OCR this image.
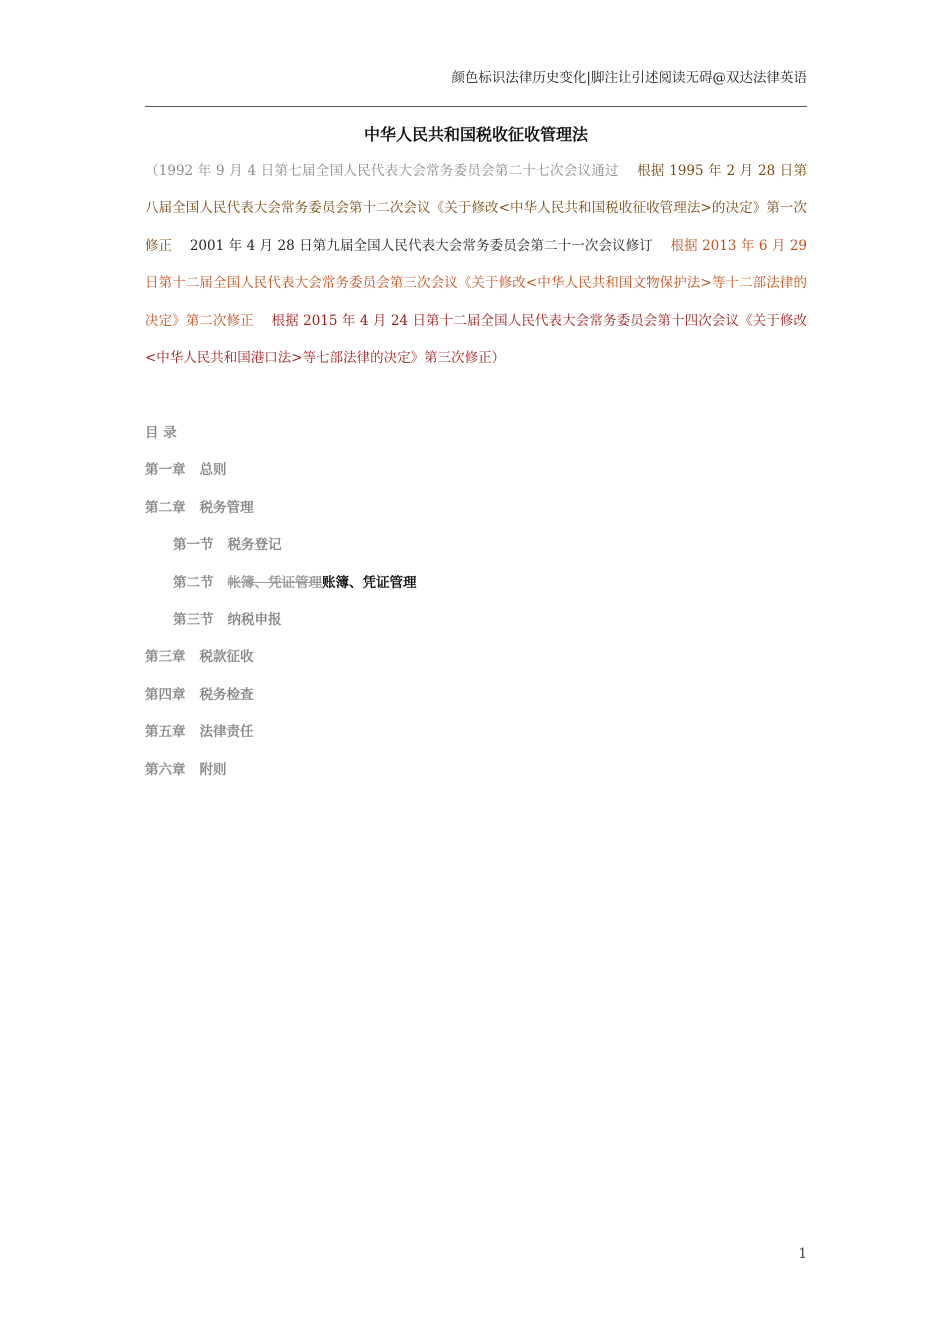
颜色标识法律历史变化|脚注让引述阅读无碍@双达法律英语
中华人民共和国税收征收管理法
（1992 年 9 月 4 日第七届全国人民代表大会常务委员会第二十七次会议通过 根据 1995 年 2 月 28 日第八届全国人民代表大会常务委员会第十二次会议《关于修改<中华人民共和国税收征收管理法>的决定》第一次修正 2001 年 4 月 28 日第九届全国人民代表大会常务委员会第二十一次会议修订 根据 2013 年 6 月 29 日第十二届全国人民代表大会常务委员会第三次会议《关于修改<中华人民共和国文物保护法>等十二部法律的决定》第二次修正 根据 2015 年 4 月 24 日第十二届全国人民代表大会常务委员会第十四次会议《关于修改<中华人民共和国港口法>等七部法律的决定》第三次修正）
目 录
第一章 总则
第二章 税务管理
第一节 税务登记
第二节 帐簿、凭证管理账簿、凭证管理
第三节 纳税申报
第三章 税款征收
第四章 税务检查
第五章 法律责任
第六章 附则
1
